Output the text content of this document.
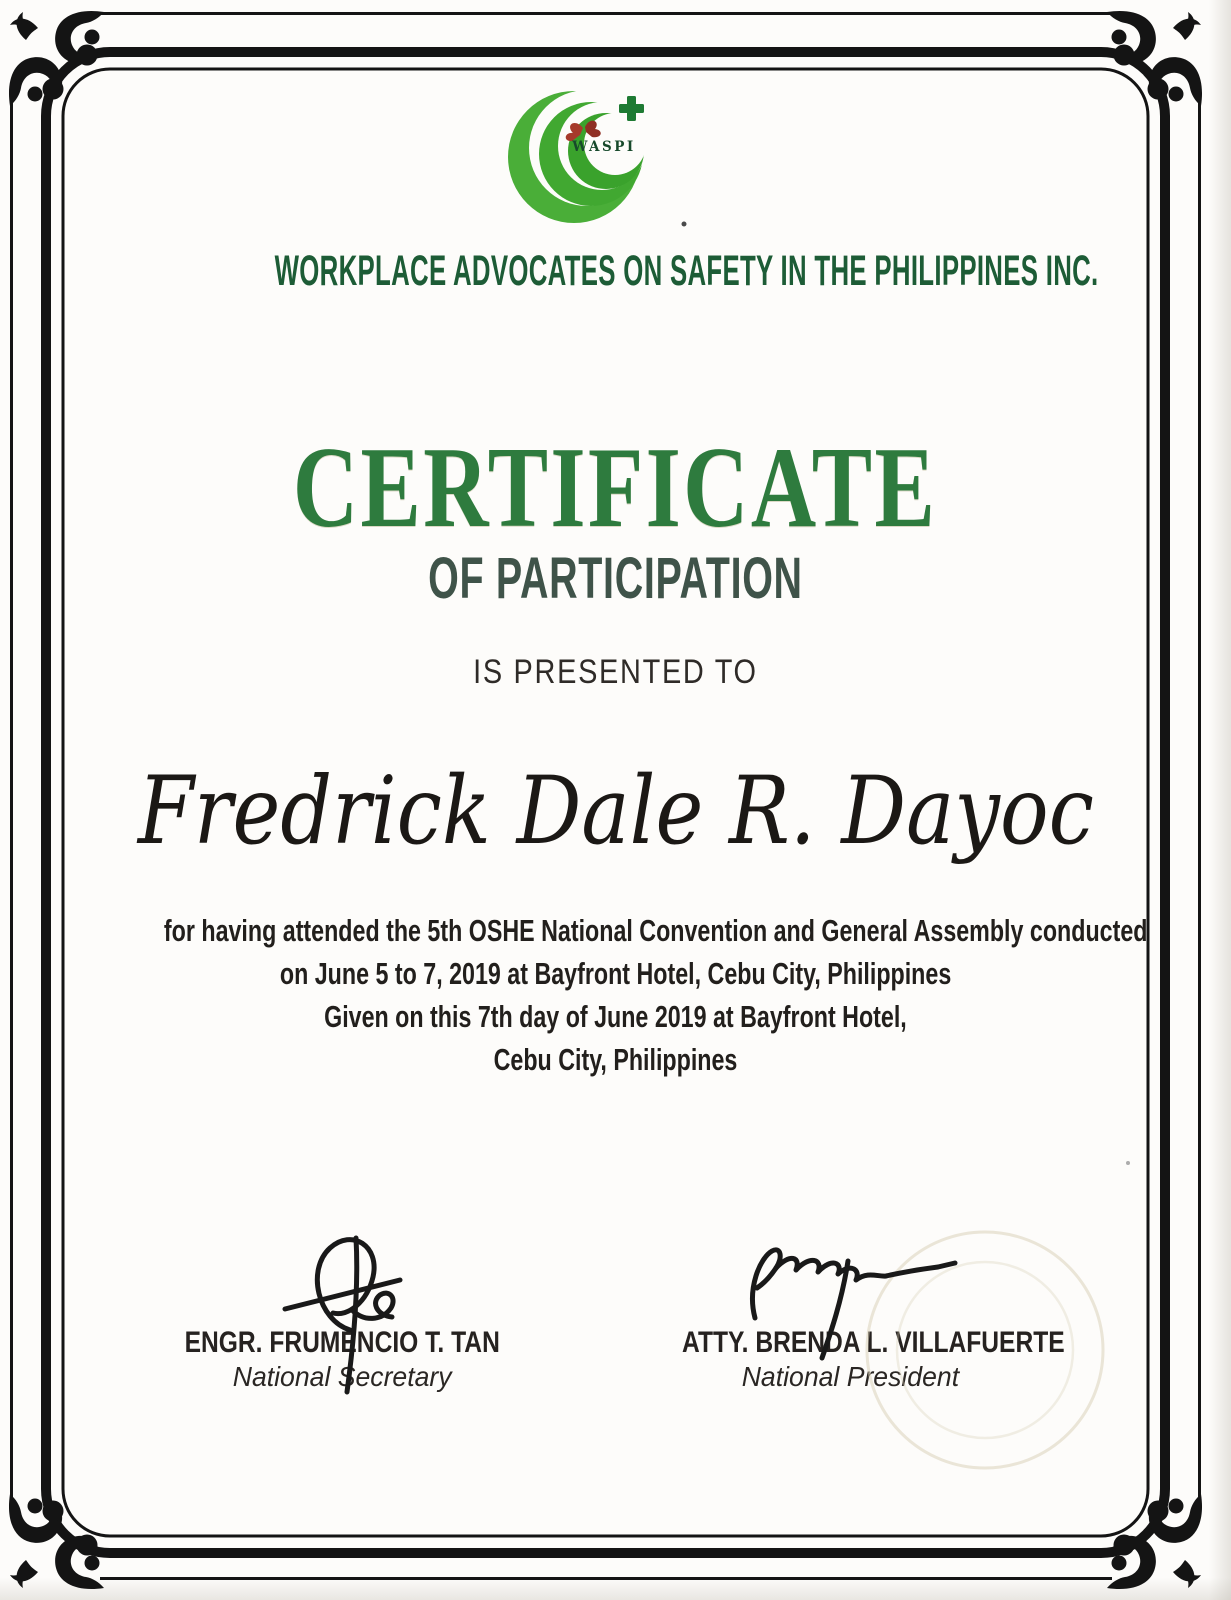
WASPI
WORKPLACE ADVOCATES ON SAFETY IN THE PHILIPPINES INC.
CERTIFICATE
OF PARTICIPATION
IS PRESENTED TO
Fredrick Dale R. Dayoc
for having attended the 5th OSHE National Convention and General Assembly conducted
on June 5 to 7, 2019 at Bayfront Hotel, Cebu City, Philippines
Given on this 7th day of June 2019 at Bayfront Hotel,
Cebu City, Philippines
ENGR. FRUMENCIO T. TAN
National Secretary
ATTY. BRENDA L. VILLAFUERTE
National President
